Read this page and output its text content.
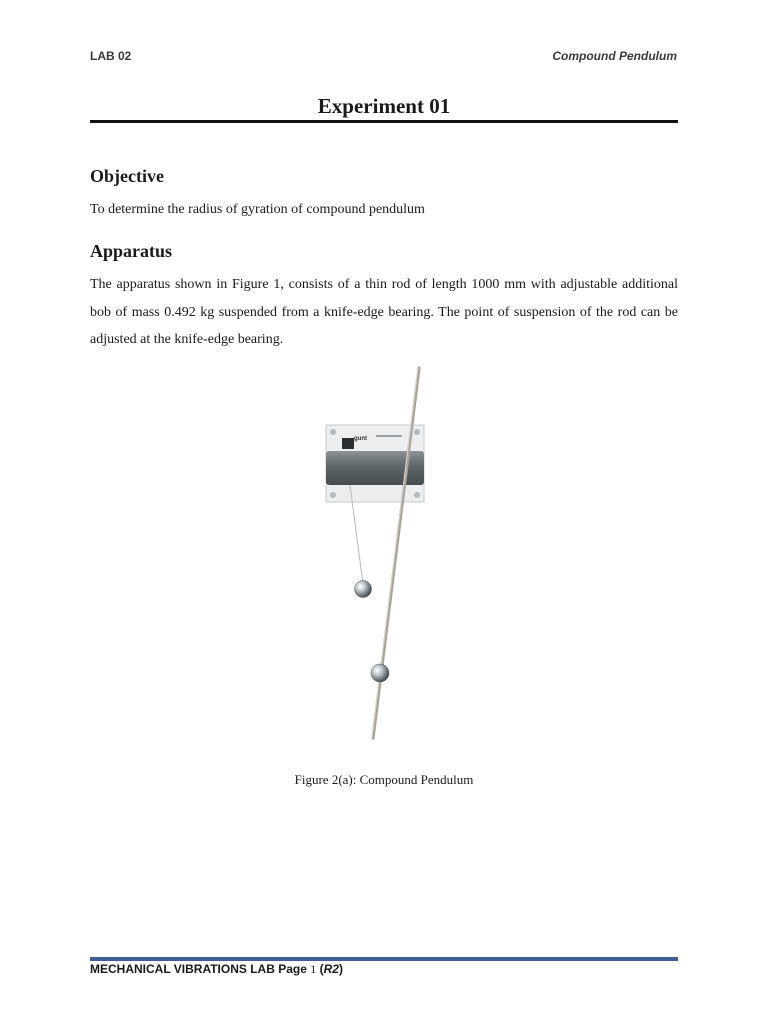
LAB 02	Compound Pendulum
Experiment 01
Objective

To determine the radius of gyration of compound pendulum

Apparatus

The apparatus shown in Figure 1, consists of a thin rod of length 1000 mm with adjustable additional bob of mass 0.492 kg suspended from a knife-edge bearing. The point of suspension of the rod can be adjusted at the knife-edge bearing.

gunt

Figure 2(a): Compound Pendulum

MECHANICAL VIBRATIONS LAB Page 1 (R2)
